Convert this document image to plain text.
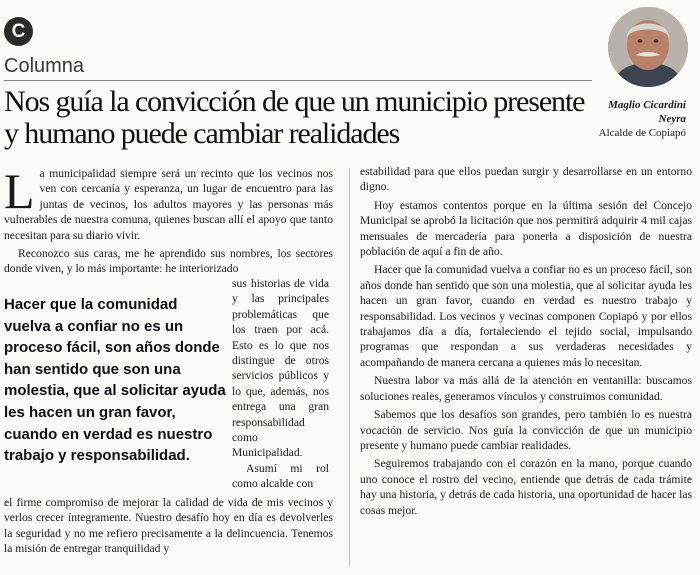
C
Columna
Nos guía la convicción de que un municipio presente y humano puede cambiar realidades
Maglio Cicardini
Neyra
Alcalde de Copiapó

La municipalidad siempre será un recinto que los vecinos nos ven con cercanía y esperanza, un lugar de encuentro para las juntas de vecinos, los adultos mayores y las personas más vulnerables de nuestra comuna, quienes buscan allí el apoyo que tanto necesitan para su diario vivir.

Reconozco sus caras, me he aprendido sus nombres, los sectores donde viven, y lo más importante: he interiorizado

Hacer que la comunidad vuelva a confiar no es un proceso fácil, son años donde han sentido que son una molestia, que al solicitar ayuda les hacen un gran favor, cuando en verdad es nuestro trabajo y responsabilidad.

sus historias de vida y las principales problemáticas que los traen por acá. Esto es lo que nos distingue de otros servicios públicos y lo que, además, nos entrega una gran responsabilidad como Municipalidad.

Asumí mi rol como alcalde con

el firme compromiso de mejorar la calidad de vida de mis vecinos y verlos crecer íntegramente. Nuestro desafío hoy en día es devolverles la seguridad y no me refiero precisamente a la delincuencia. Tenemos la misión de entregar tranquilidad y

estabilidad para que ellos puedan surgir y desarrollarse en un entorno digno.

Hoy estamos contentos porque en la última sesión del Concejo Municipal se aprobó la licitación que nos permitirá adquirir 4 mil cajas mensuales de mercadería para ponerla a disposición de nuestra población de aquí a fin de año.

Hacer que la comunidad vuelva a confiar no es un proceso fácil, son años donde han sentido que son una molestia, que al solicitar ayuda les hacen un gran favor, cuando en verdad es nuestro trabajo y responsabilidad. Los vecinos y vecinas componen Copiapó y por ellos trabajamos día a día, fortaleciendo el tejido social, impulsando programas que respondan a sus verdaderas necesidades y acompañando de manera cercana a quienes más lo necesitan.

Nuestra labor va más allá de la atención en ventanilla: buscamos soluciones reales, generamos vínculos y construimos comunidad.

Sabemos que los desafíos son grandes, pero también lo es nuestra vocación de servicio. Nos guía la convicción de que un municipio presente y humano puede cambiar realidades.

Seguiremos trabajando con el corazón en la mano, porque cuando uno conoce el rostro del vecino, entiende que detrás de cada trámite hay una historia, y detrás de cada historia, una oportunidad de hacer las cosas mejor.
